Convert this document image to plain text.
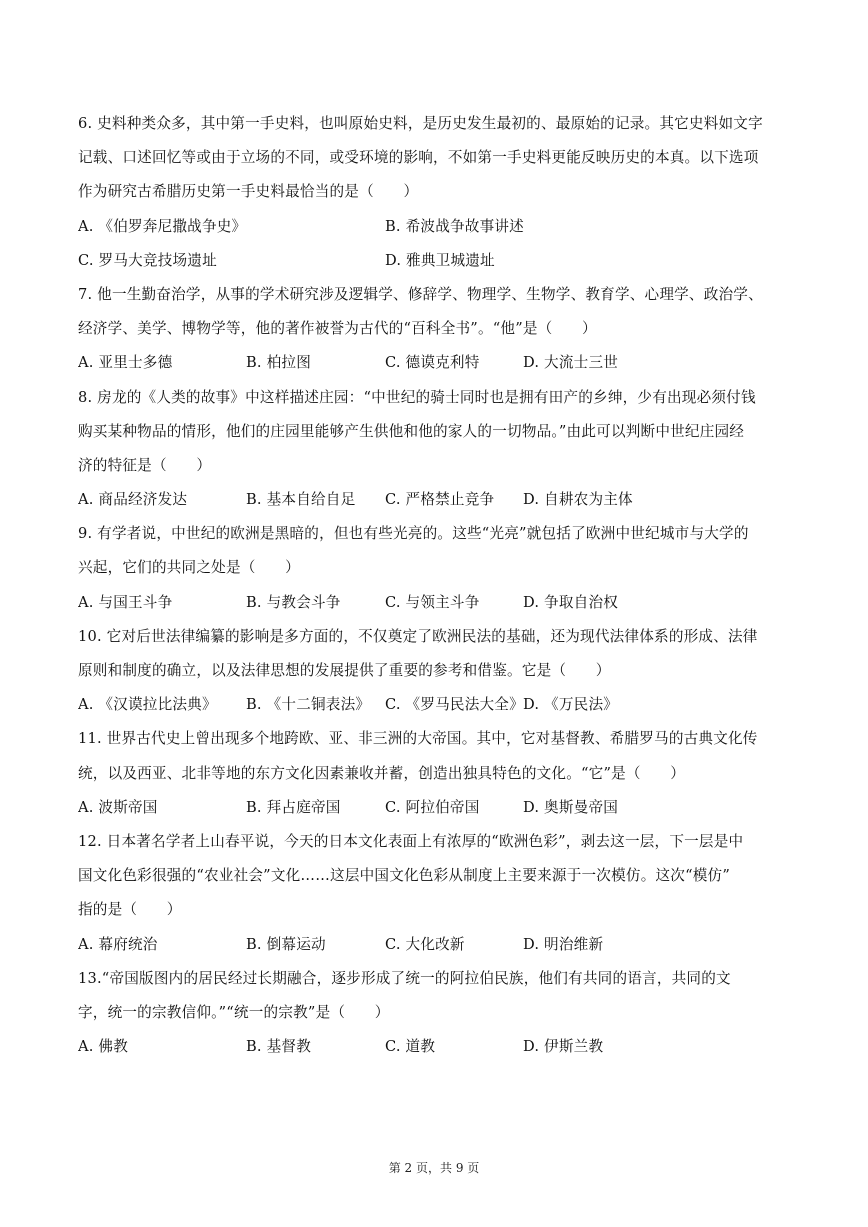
6. 史料种类众多，其中第一手史料，也叫原始史料，是历史发生最初的、最原始的记录。其它史料如文字
记载、口述回忆等或由于立场的不同，或受环境的影响，不如第一手史料更能反映历史的本真。以下选项
作为研究古希腊历史第一手史料最恰当的是（　　）
A. 《伯罗奔尼撒战争史》	B. 希波战争故事讲述
C. 罗马大竞技场遗址	D. 雅典卫城遗址
7. 他一生勤奋治学，从事的学术研究涉及逻辑学、修辞学、物理学、生物学、教育学、心理学、政治学、
经济学、美学、博物学等，他的著作被誉为古代的“百科全书”。“他”是（　　）
A. 亚里士多德	B. 柏拉图	C. 德谟克利特	D. 大流士三世
8. 房龙的《人类的故事》中这样描述庄园：“中世纪的骑士同时也是拥有田产的乡绅，少有出现必须付钱
购买某种物品的情形，他们的庄园里能够产生供他和他的家人的一切物品。”由此可以判断中世纪庄园经
济的特征是（　　）
A. 商品经济发达	B. 基本自给自足 C. 严格禁止竞争 D. 自耕农为主体
9. 有学者说，中世纪的欧洲是黑暗的，但也有些光亮的。这些“光亮”就包括了欧洲中世纪城市与大学的
兴起，它们的共同之处是（　　）
A. 与国王斗争	B. 与教会斗争	C. 与领主斗争	D. 争取自治权
10. 它对后世法律编纂的影响是多方面的，不仅奠定了欧洲民法的基础，还为现代法律体系的形成、法律
原则和制度的确立，以及法律思想的发展提供了重要的参考和借鉴。它是（　　）
A. 《汉谟拉比法典》 B. 《十二铜表法》 C. 《罗马民法大全》 D. 《万民法》
11. 世界古代史上曾出现多个地跨欧、亚、非三洲的大帝国。其中，它对基督教、希腊罗马的古典文化传
统，以及西亚、北非等地的东方文化因素兼收并蓄，创造出独具特色的文化。“它”是（　　）
A. 波斯帝国	B. 拜占庭帝国	C. 阿拉伯帝国	D. 奥斯曼帝国
12. 日本著名学者上山春平说，今天的日本文化表面上有浓厚的“欧洲色彩”，剥去这一层，下一层是中
国文化色彩很强的“农业社会”文化……这层中国文化色彩从制度上主要来源于一次模仿。这次“模仿”
指的是（　　）
A. 幕府统治	B. 倒幕运动	C. 大化改新	D. 明治维新
13.“帝国版图内的居民经过长期融合，逐步形成了统一的阿拉伯民族，他们有共同的语言，共同的文
字，统一的宗教信仰。”“统一的宗教”是（　　）
A. 佛教	B. 基督教	C. 道教	D. 伊斯兰教
第 2 页，共 9 页
